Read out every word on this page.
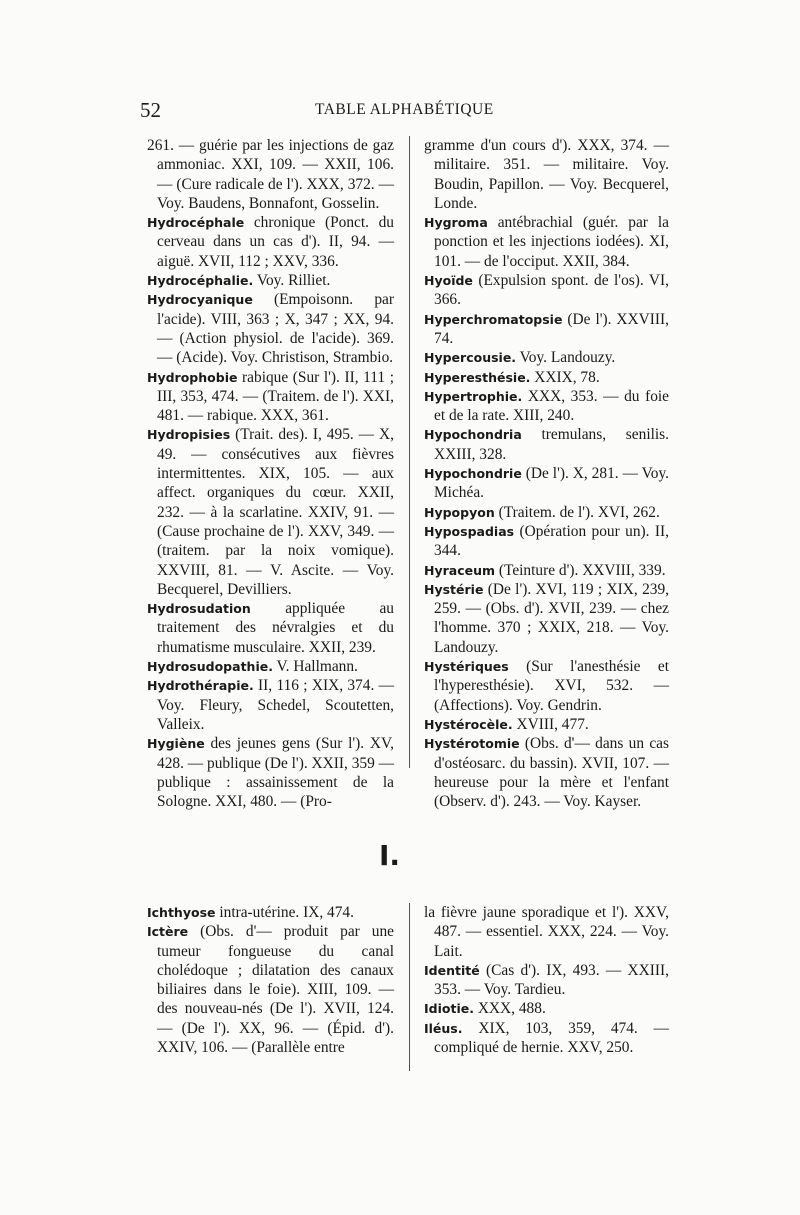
52	TABLE ALPHABÉTIQUE

261. — guérie par les injections de gaz ammoniac. XXI, 109. — XXII, 106. — (Cure radicale de l'). XXX, 372. — Voy. Baudens, Bonnafont, Gosselin.

Hydrocéphale chronique (Ponct. du cerveau dans un cas d'). II, 94. — aiguë. XVII, 112 ; XXV, 336.

Hydrocéphalie. Voy. Rilliet.

Hydrocyanique (Empoisonn. par l'acide). VIII, 363 ; X, 347 ; XX, 94. — (Action physiol. de l'acide). 369. — (Acide). Voy. Christison, Strambio.

Hydrophobie rabique (Sur l'). II, 111 ; III, 353, 474. — (Traitem. de l'). XXI, 481. — rabique. XXX, 361.

Hydropisies (Trait. des). I, 495. — X, 49. — consécutives aux fièvres intermittentes. XIX, 105. — aux affect. organiques du cœur. XXII, 232. — à la scarlatine. XXIV, 91. — (Cause prochaine de l'). XXV, 349. — (traitem. par la noix vomique). XXVIII, 81. — V. Ascite. — Voy. Becquerel, Devilliers.

Hydrosudation appliquée au traitement des névralgies et du rhumatisme musculaire. XXII, 239.

Hydrosudopathie. V. Hallmann.

Hydrothérapie. II, 116 ; XIX, 374. — Voy. Fleury, Schedel, Scoutetten, Valleix.

Hygiène des jeunes gens (Sur l'). XV, 428. — publique (De l'). XXII, 359 — publique : assainissement de la Sologne. XXI, 480. — (Pro-

gramme d'un cours d'). XXX, 374. — militaire. 351. — militaire. Voy. Boudin, Papillon. — Voy. Becquerel, Londe.

Hygroma antébrachial (guér. par la ponction et les injections iodées). XI, 101. — de l'occiput. XXII, 384.

Hyoïde (Expulsion spont. de l'os). VI, 366.

Hyperchromatopsie (De l'). XXVIII, 74.

Hypercousie. Voy. Landouzy.

Hyperesthésie. XXIX, 78.

Hypertrophie. XXX, 353. — du foie et de la rate. XIII, 240.

Hypochondria tremulans, senilis. XXIII, 328.

Hypochondrie (De l'). X, 281. — Voy. Michéa.

Hypopyon (Traitem. de l'). XVI, 262.

Hypospadias (Opération pour un). II, 344.

Hyraceum (Teinture d'). XXVIII, 339.

Hystérie (De l'). XVI, 119 ; XIX, 239, 259. — (Obs. d'). XVII, 239. — chez l'homme. 370 ; XXIX, 218. — Voy. Landouzy.

Hystériques (Sur l'anesthésie et l'hyperesthésie). XVI, 532. — (Affections). Voy. Gendrin.

Hystérocèle. XVIII, 477.

Hystérotomie (Obs. d'— dans un cas d'ostéosarc. du bassin). XVII, 107. — heureuse pour la mère et l'enfant (Observ. d'). 243. — Voy. Kayser.

I.

Ichthyose intra-utérine. IX, 474.

Ictère (Obs. d'— produit par une tumeur fongueuse du canal cholédoque ; dilatation des canaux biliaires dans le foie). XIII, 109. — des nouveau-nés (De l'). XVII, 124. — (De l'). XX, 96. — (Épid. d'). XXIV, 106. — (Parallèle entre

la fièvre jaune sporadique et l'). XXV, 487. — essentiel. XXX, 224. — Voy. Lait.

Identité (Cas d'). IX, 493. — XXIII, 353. — Voy. Tardieu.

Idiotie. XXX, 488.

Iléus. XIX, 103, 359, 474. — compliqué de hernie. XXV, 250.
